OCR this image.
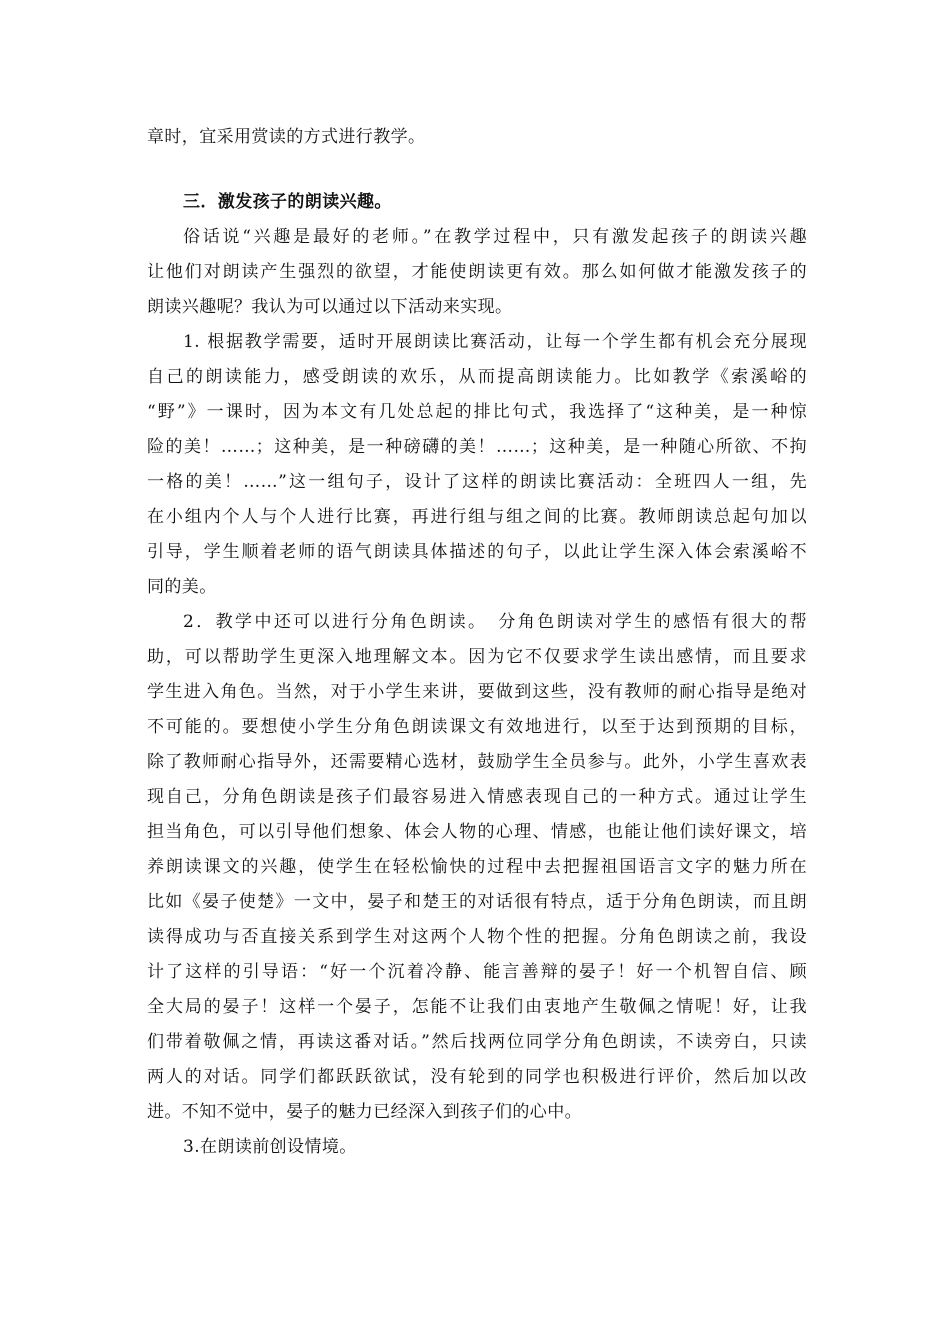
章时，宜采用赏读的方式进行教学。
三．激发孩子的朗读兴趣。
俗话说“兴趣是最好的老师。”在教学过程中，只有激发起孩子的朗读兴趣
让他们对朗读产生强烈的欲望，才能使朗读更有效。那么如何做才能激发孩子的
朗读兴趣呢？我认为可以通过以下活动来实现。
1. 根据教学需要，适时开展朗读比赛活动，让每一个学生都有机会充分展现
自己的朗读能力，感受朗读的欢乐，从而提高朗读能力。比如教学《索溪峪的
“野”》一课时，因为本文有几处总起的排比句式，我选择了“这种美，是一种惊
险的美！……；这种美，是一种磅礴的美！……；这种美，是一种随心所欲、不拘
一格的美！……”这一组句子，设计了这样的朗读比赛活动：全班四人一组，先
在小组内个人与个人进行比赛，再进行组与组之间的比赛。教师朗读总起句加以
引导，学生顺着老师的语气朗读具体描述的句子，以此让学生深入体会索溪峪不
同的美。
2．教学中还可以进行分角色朗读。　分角色朗读对学生的感悟有很大的帮
助，可以帮助学生更深入地理解文本。因为它不仅要求学生读出感情，而且要求
学生进入角色。当然，对于小学生来讲，要做到这些，没有教师的耐心指导是绝对
不可能的。要想使小学生分角色朗读课文有效地进行，以至于达到预期的目标，
除了教师耐心指导外，还需要精心选材，鼓励学生全员参与。此外，小学生喜欢表
现自己，分角色朗读是孩子们最容易进入情感表现自己的一种方式。通过让学生
担当角色，可以引导他们想象、体会人物的心理、情感，也能让他们读好课文，培
养朗读课文的兴趣，使学生在轻松愉快的过程中去把握祖国语言文字的魅力所在
比如《晏子使楚》一文中，晏子和楚王的对话很有特点，适于分角色朗读，而且朗
读得成功与否直接关系到学生对这两个人物个性的把握。分角色朗读之前，我设
计了这样的引导语：“好一个沉着冷静、能言善辩的晏子！好一个机智自信、顾
全大局的晏子！这样一个晏子，怎能不让我们由衷地产生敬佩之情呢！好，让我
们带着敬佩之情，再读这番对话。”然后找两位同学分角色朗读，不读旁白，只读
两人的对话。同学们都跃跃欲试，没有轮到的同学也积极进行评价，然后加以改
进。不知不觉中，晏子的魅力已经深入到孩子们的心中。
3.在朗读前创设情境。
